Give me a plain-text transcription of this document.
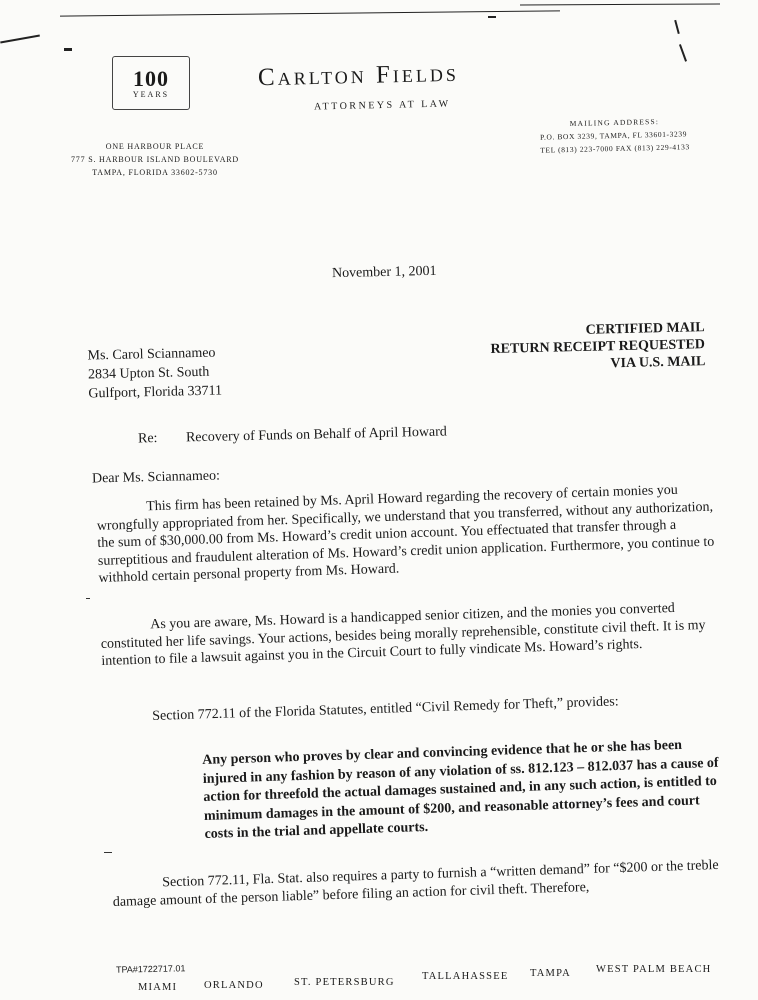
100
YEARS
Carlton Fields
ATTORNEYS AT LAW
ONE HARBOUR PLACE
777 S. HARBOUR ISLAND BOULEVARD
TAMPA, FLORIDA 33602-5730
MAILING ADDRESS:
P.O. BOX 3239, TAMPA, FL 33601-3239
TEL (813) 223-7000 FAX (813) 229-4133
November 1, 2001
CERTIFIED MAIL
RETURN RECEIPT REQUESTED
VIA U.S. MAIL
Ms. Carol Sciannameo
2834 Upton St. South
Gulfport, Florida 33711
Re: Recovery of Funds on Behalf of April Howard
Dear Ms. Sciannameo:
This firm has been retained by Ms. April Howard regarding the recovery of certain monies you wrongfully appropriated from her. Specifically, we understand that you transferred, without any authorization, the sum of $30,000.00 from Ms. Howard’s credit union account. You effectuated that transfer through a surreptitious and fraudulent alteration of Ms. Howard’s credit union application. Furthermore, you continue to withhold certain personal property from Ms. Howard.
As you are aware, Ms. Howard is a handicapped senior citizen, and the monies you converted constituted her life savings. Your actions, besides being morally reprehensible, constitute civil theft. It is my intention to file a lawsuit against you in the Circuit Court to fully vindicate Ms. Howard’s rights.
Section 772.11 of the Florida Statutes, entitled “Civil Remedy for Theft,” provides:
Any person who proves by clear and convincing evidence that he or she has been injured in any fashion by reason of any violation of ss. 812.123 – 812.037 has a cause of action for threefold the actual damages sustained and, in any such action, is entitled to minimum damages in the amount of $200, and reasonable attorney’s fees and court costs in the trial and appellate courts.
Section 772.11, Fla. Stat. also requires a party to furnish a “written demand” for “$200 or the treble damage amount of the person liable” before filing an action for civil theft. Therefore,
TPA#1722717.01
MIAMI	ORLANDO	ST. PETERSBURG
TALLAHASSEE TAMPA WEST PALM BEACH
